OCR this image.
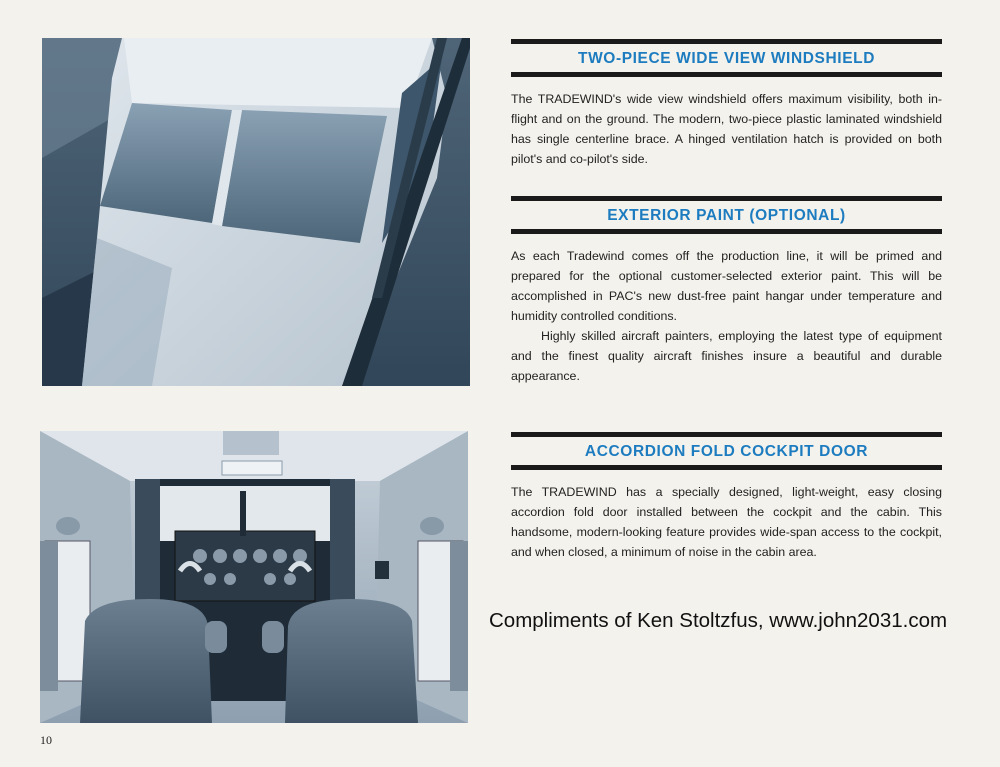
TWO-PIECE WIDE VIEW WINDSHIELD

The TRADEWIND's wide view windshield offers maximum visibility, both in-flight and on the ground. The modern, two-piece plastic laminated windshield has single centerline brace. A hinged ventilation hatch is provided on both pilot's and co-pilot's side.

EXTERIOR PAINT (OPTIONAL)

As each Tradewind comes off the production line, it will be primed and prepared for the optional customer-selected exterior paint. This will be accomplished in PAC's new dust-free paint hangar under temperature and humidity controlled conditions.

Highly skilled aircraft painters, employing the latest type of equipment and the finest quality aircraft finishes insure a beautiful and durable appearance.

ACCORDION FOLD COCKPIT DOOR

The TRADEWIND has a specially designed, light-weight, easy closing accordion fold door installed between the cockpit and the cabin. This handsome, modern-looking feature provides wide-span access to the cockpit, and when closed, a minimum of noise in the cabin area.

Compliments of Ken Stoltzfus, www.john2031.com
10
